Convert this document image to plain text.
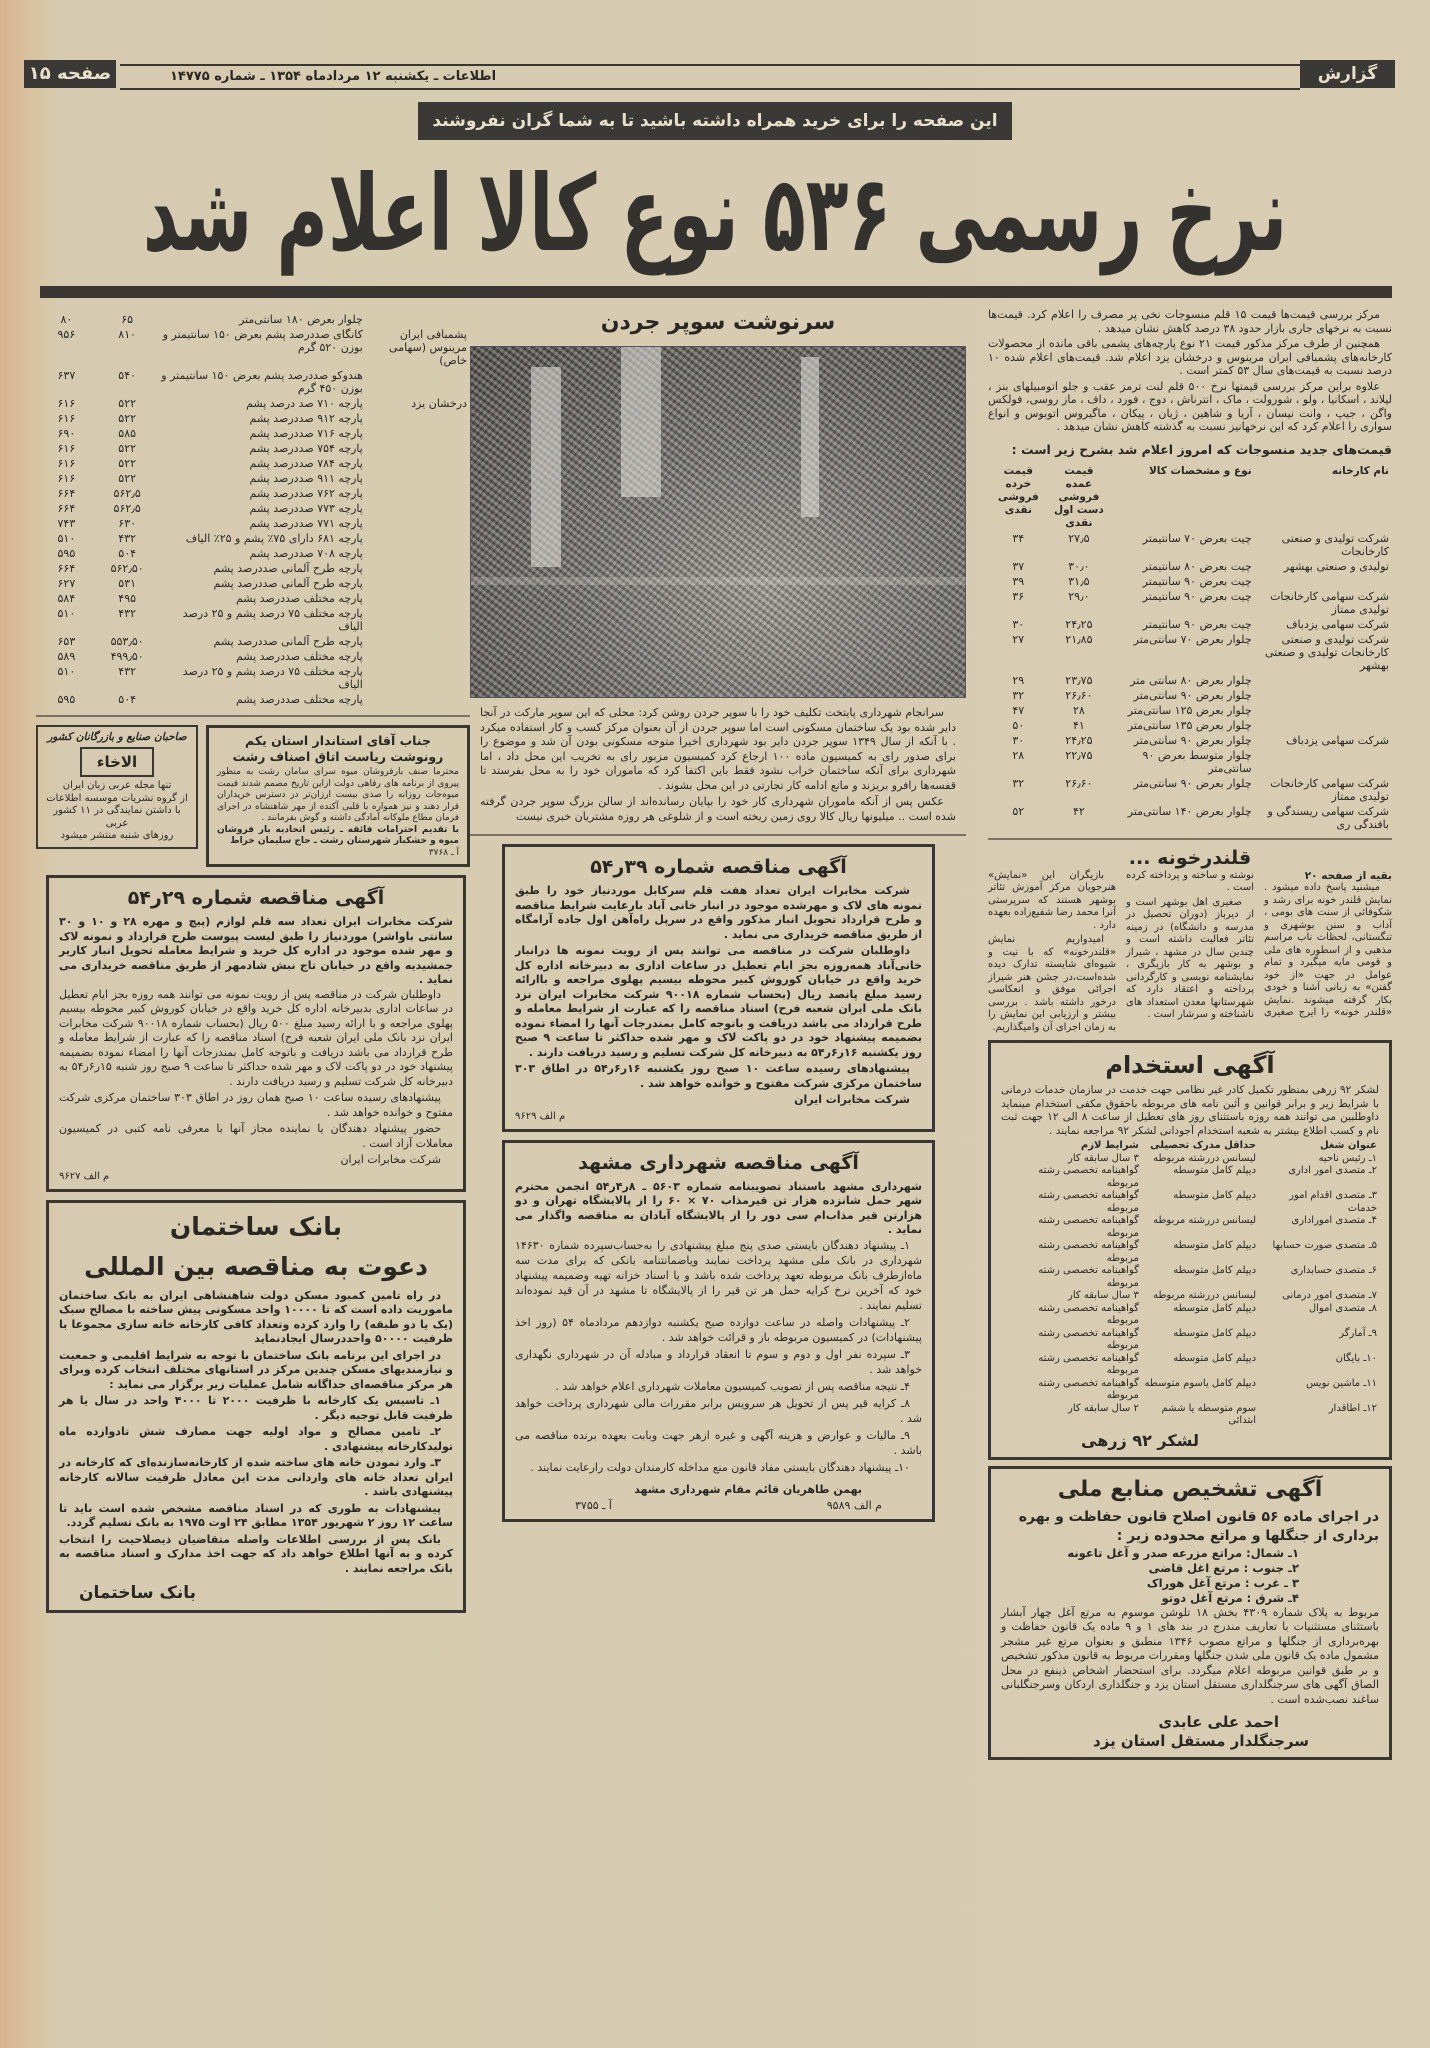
گزارش
اطلاعات ـ یکشنبه ۱۲ مردادماه ۱۳۵۴ ـ شماره ۱۴۷۷۵
صفحه ۱۵
این صفحه را برای خرید همراه داشته باشید تا به شما گران نفروشند
نرخ رسمی ۵۳۶ نوع کالا اعلام شد

مرکز بررسی قیمت‌ها قیمت ۱۵ قلم منسوجات نخی پر مصرف را اعلام کرد. قیمت‌ها نسبت به نرخهای جاری بازار حدود ۳۸ درصد کاهش نشان میدهد .

همچنین از طرف مرکز مذکور قیمت ۲۱ نوع پارچه‌های پشمی باقی مانده از محصولات کارخانه‌های پشمبافی ایران مرینوس و درخشان یزد اعلام شد. قیمت‌های اعلام شده ۱۰ درصد نسبت به قیمت‌های سال ۵۳ کمتر است .

علاوه براین مرکز بررسی قیمتها نرخ ۵۰۰ قلم لنت ترمز عقب و جلو اتومبیلهای بنز ، لیلاند ، اسکانیا ، ولو ، شورولت ، ماک ، انترناش ، دوج ، فورد ، داف ، ماز روسی، فولکس واگن ، جیپ ، وانت نیسان ، آریا و شاهین ، ژیان ، پیکان ، ماگیروس اتوبوس و انواع سواری را اعلام کرد که این نرخهانیز نسبت به گذشته کاهش نشان میدهد .

قیمت‌های جدید منسوجات که امروز اعلام شد بشرح زیر است :
نام کارخانه	نوع و مشخصات کالا	قیمت عمده فروشی دست اول نقدی	قیمت خرده فروشی نقدی
شرکت تولیدی و صنعتی کارخانجات	چیت بعرض ۷۰ سانتیمتر	۲۷٫۵	۳۴
تولیدی و صنعتی بهشهر	چیت بعرض ۸۰ سانتیمتر	۳۰٫۰	۳۷
	چیت بعرض ۹۰ سانتیمتر	۳۱٫۵	۳۹
شرکت سهامی کارخانجات تولیدی ممتاز	چیت بعرض ۹۰ سانتیمتر	۲۹٫۰	۳۶
شرکت سهامی یزدباف	چیت بعرض ۹۰ سانتیمتر	۲۴٫۲۵	۳۰
شرکت تولیدی و صنعتی کارخانجات تولیدی و صنعتی بهشهر	چلوار بعرض ۷۰ سانتی‌متر	۲۱٫۸۵	۲۷
	چلوار بعرض ۸۰ سانتی متر	۲۳٫۷۵	۲۹
	چلوار بعرض ۹۰ سانتی‌متر	۲۶٫۶۰	۳۲
	چلوار بعرض ۱۲۵ سانتی‌متر	۲۸	۴۷
	چلوار بعرض ۱۳۵ سانتی‌متر	۴۱	۵۰
شرکت سهامی یزدباف	چلوار بعرض ۹۰ سانتی‌متر	۲۴٫۲۵	۳۰
	چلوار متوسط بعرض ۹۰ سانتی‌متر	۲۲٫۷۵	۲۸
شرکت سهامی کارخانجات تولیدی ممتاز	چلوار بعرض ۹۰ سانتی‌متر	۲۶٫۶۰	۳۲
شرکت سهامی ریسندگی و بافندگی ری	چلوار بعرض ۱۴۰ سانتی‌متر	۴۲	۵۲
قلندرخونه ...
بقیه از صفحه ۲۰

میشنید پاسخ داده میشود . نمایش قلندر خونه برای رشد و شکوفائی از سنت های بومی ، آداب و سنن بوشهری و تنگستانی، لحظات ناب مراسم مذهبی و از اسطوره های ملی و قومی مایه میگیرد و تمام عوامل در جهت «از خود گفتن» به زبانی آشنا و خودی بکار گرفته میشوند .نمایش «قلندر خونه» را ایرج صغیری نوشته و ساخته و پرداخته کرده است .

صغیری اهل بوشهر است و از دیرباز (دوران تحصیل در مدرسه و دانشگاه) در زمینه تئاتر فعالیت داشته است و چندین سال در مشهد ، شیراز و بوشهر به کار بازیگری ، نمایشنامه نویسی و کارگردانی پرداخته و اعتقاد دارد که شهرستانها معدن استعداد های ناشناخته و سرشار است .

بازیگران این «نمایش» هنرجویان مرکز آموزش تئاتر بوشهر هستند که سرپرستی آنرا محمد رضا شفیع‌زاده بعهده دارد .

امیدواریم نمایش «قلندرخونه» که با نیت و شیوه‌ای شایسته تدارک دیده شده‌است،در جشن هنر شیراز اجرائی موفق و انعکاسی درخور داشته باشد . بررسی بیشتر و ارزیابی این نمایش را به زمان اجرای آن وامیگذاریم.

آگهی استخدام
لشکر ۹۲ زرهی بمنظور تکمیل کادر غیر نظامی جهت خدمت در سازمان خدمات درمانی با شرایط زیر و برابر قوانین و آئین نامه های مربوطه باحقوق مکفی استخدام مینماید داوطلبین می توانند همه روزه باستثنای روز های تعطیل از ساعت ۸ الی ۱۲ جهت ثبت نام و کسب اطلاع بیشتر به شعبه استخدام آجودانی لشکر ۹۲ مراجعه نمایند .
عنوان شغل	حداقل مدرک تحصیلی	شرایط لازم
۱ـ رئیس ناحیه	لیسانس دررشته مربوطه	۳ سال سابقه کار
۲ـ متصدی امور اداری	دیپلم کامل متوسطه	گواهینامه تخصصی رشته مربوطه
۳ـ متصدی اقدام امور خدمات	دیپلم کامل متوسطه	گواهینامه تخصصی رشته مربوطه
۴ـ متصدی اموراداری	لیسانس دررشته مربوطه	گواهینامه تخصصی رشته مربوطه
۵ـ متصدی صورت حسابها	دیپلم کامل متوسطه	گواهینامه تخصصی رشته مربوطه
۶ـ متصدی حسابداری	دیپلم کامل متوسطه	گواهینامه تخصصی رشته مربوطه
۷ـ متصدی امور درمانی	لیسانس دررشته مربوطه	۳ سال سابقه کار
۸ـ متصدی اموال	دیپلم کامل متوسطه	گواهینامه تخصصی رشته مربوطه
۹ـ آمارگر	دیپلم کامل متوسطه	گواهینامه تخصصی رشته مربوطه
۱۰ـ بایگان	دیپلم کامل متوسطه	گواهینامه تخصصی رشته مربوطه
۱۱ـ ماشین نویس	دیپلم کامل یاسوم متوسطه	گواهینامه تخصصی رشته مربوطه
۱۲ـ اطاقدار	سوم متوسطه یا ششم ابتدائی	۲ سال سابقه کار
لشکر ۹۲ زرهی
آگهی تشخیص منابع ملی
در اجرای ماده ۵۶ قانون اصلاح قانون حفاظت و بهره برداری از جنگلها و مراتع محدوده زیر :

۱ـ شمال: مراتع مزرعه صدر و آغل تاعونه

۲ـ جنوب : مرتع اغل قاضی

۳ ـ غرب : مرتع آغل هوراک

۴ـ شرق : مرتع آغل دوتو

مربوط به پلاک شماره ۴۳۰۹ بخش ۱۸ تلوشن موسوم به مرتع آغل چهار آبشار باستثنای مستثنیات با تعاریف مندرج در بند های ۱ و ۹ ماده یک قانون حفاظت و بهره‌برداری از جنگلها و مراتع مصوب ۱۳۴۶ منطبق و بعنوان مرتع غیر مشجر مشمول ماده یک قانون ملی شدن جنگلها ومقررات مربوط به قانون مذکور تشخیص و بر طبق قوانین مربوطه اعلام میگردد. برای استحضار اشخاص ذینفع در محل الصاق آگهی های سرجنگلداری مستقل استان یزد و جنگلداری اردکان وسرجنگلبانی ساغند نصب‌شده است .
احمد علی عابدی
سرجنگلدار مستقل استان یزد
سرنوشت سوپر جردن

سرانجام شهرداری پایتخت تکلیف خود را با سوپر جردن روشن کرد: محلی که این سوپر مارکت در آنجا دایر شده بود یک ساختمان مسکونی است اما سوپر جردن از آن بعنوان مرکز کسب و کار استفاده میکرد . با آنکه از سال ۱۳۴۹ سوپر جردن دایر بود شهرداری اخیرا متوجه مسکونی بودن آن شد و موضوع را برای صدور رای به کمیسیون ماده ۱۰۰ ارجاع کرد کمیسیون مزبور رای به تخریب این محل داد ، اما شهرداری برای آنکه ساختمان خراب نشود فقط باین اکتفا کرد که ماموران خود را به محل بفرستد تا قفسه‌ها رافرو بریزند و مانع ادامه کار تجارتی در این محل بشوند .

عکس پس از آنکه ماموران شهرداری کار خود را بپایان رسانده‌اند از سالن بزرگ سوپر جردن گرفته شده است .. میلیونها ریال کالا روی زمین ریخته است و از شلوغی هر روزه مشتریان خبری نیست

آگهی مناقصه شماره ۳۹ر۵۴

شرکت مخابرات ایران تعداد هفت قلم سرکابل موردنیاز خود را طبق نمونه های لاک و مهرشده موجود در انبار خانی آباد بارعایت شرایط مناقصه و طرح قرارداد تحویل انبار مذکور واقع در سرپل راه‌آهن اول جاده آرامگاه از طریق مناقصه خریداری می نماید .

داوطلبان شرکت در مناقصه می توانند پس از رویت نمونه ها درانبار خانی‌آباد همه‌روزه بجز ایام تعطیل در ساعات اداری به دبیرخانه اداره کل خرید واقع در خیابان کوروش کبیر محوطه بیسیم پهلوی مراجعه و باارائه رسید مبلغ پانصد ریال (بحساب شماره ۹۰۰۱۸ شرکت مخابرات ایران نزد بانک ملی ایران شعبه فرح) اسناد مناقصه را که عبارت از شرایط معامله و طرح قرارداد می باشد دریافت و باتوجه کامل بمندرجات آنها را امضاء نموده بضمیمه پیشنهاد خود در دو پاکت لاک و مهر شده حداکثر تا ساعت ۹ صبح روز یکشنبه ۱۶ر۶ر۵۴ به دبیرخانه کل شرکت تسلیم و رسید دریافت دارند .

پیشنهادهای رسیده ساعت ۱۰ صبح روز یکشنبه ۱۶ر۶ر۵۴ در اطاق ۳۰۳ ساختمان مرکزی شرکت مفتوح و خوانده خواهد شد .

شرکت مخابرات ایران

م الف ۹۶۲۹
آگهی مناقصه شهرداری مشهد
شهرداری مشهد باستناد تصویبنامه شماره ۵۶۰۳ ـ ۸ر۴ر۵۴ انجمن محترم شهر حمل شانزده هزار تن قیرمذاب ۷۰ × ۶۰ را از پالایشگاه تهران و دو هزارتن قیر مذاب‌ام سی دور را از پالایشگاه آبادان به مناقصه واگذار می نماید .

۱ـ پیشنهاد دهندگان بایستی صدی پنج مبلغ پیشنهادی را به‌حساب‌سپرده شماره ۱۴۶۳۰ شهرداری در بانک ملی مشهد پرداخت نمایند ویاضمانتنامه بانکی که برای مدت سه ماه‌ازطرف بانک مربوطه تعهد پرداخت شده باشد و یا اسناد خزانه تهیه وضمیمه پیشنهاد خود که آخرین نرخ کرایه حمل هر تن قیر را از پالایشگاه تا مشهد در آن قید نموده‌اند تسلیم نمایند .

۲ـ پیشنهادات واصله در ساعت دوازده صبح یکشنبه دوازدهم مردادماه ۵۴ (روز اخذ پیشنهادات) در کمیسیون مربوطه باز و قرائت خواهد شد .

۳ـ سپرده نفر اول و دوم و سوم تا انعقاد قرارداد و مبادله آن در شهرداری نگهداری خواهد شد .

۴ـ نتیجه مناقصه پس از تصویب کمیسیون معاملات شهرداری اعلام خواهد شد .

۸ـ کرایه قیر پس از تحویل هر سرویس برابر مقررات مالی شهرداری پرداخت خواهد شد .

۹ـ مالیات و عوارض و هزینه آگهی و غیره ازهر جهت وبابت بعهده برنده مناقصه می باشد .

۱۰ـ پیشنهاد دهندگان بایستی مفاد قانون منع مداخله کارمندان دولت رارعایت نمایند .

بهمن طاهریان قائم مقام شهرداری مشهد
م الف ۹۵۸۹
آ ـ ۳۷۵۵
	چلوار بعرض ۱۸۰ سانتی‌متر	۶۵	۸۰
پشمبافی ایران مرینوس (سهامی خاص)	کانگای صددرصد پشم بعرض ۱۵۰ سانتیمتر و بوزن ۵۲۰ گرم	۸۱۰	۹۵۶
	هندوکو صددرصد پشم بعرض ۱۵۰ سانتیمتر و بوزن ۴۵۰ گرم	۵۴۰	۶۳۷
درخشان یزد	پارچه ۷۱۰ صد درصد پشم	۵۲۲	۶۱۶
	پارچه ۹۱۲ صددرصد پشم	۵۲۲	۶۱۶
	پارچه ۷۱۶ صددرصد پشم	۵۸۵	۶۹۰
	پارچه ۷۵۴ صددرصد پشم	۵۲۲	۶۱۶
	پارچه ۷۸۴ صددرصد پشم	۵۲۲	۶۱۶
	پارچه ۹۱۱ صددرصد پشم	۵۲۲	۶۱۶
	پارچه ۷۶۲ صددرصد پشم	۵۶۲٫۵	۶۶۴
	پارچه ۷۷۳ صددرصد پشم	۵۶۲٫۵	۶۶۴
	پارچه ۷۷۱ صددرصد پشم	۶۳۰	۷۴۳
	پارچه ۶۸۱ دارای ۷۵٪ پشم و ۲۵٪ الیاف	۴۳۲	۵۱۰
	پارچه ۷۰۸ صددرصد پشم	۵۰۴	۵۹۵
	پارچه طرح آلمانی صددرصد پشم	۵۶۲٫۵۰	۶۶۴
	پارچه طرح آلمانی صددرصد پشم	۵۳۱	۶۲۷
	پارچه مختلف صددرصد پشم	۴۹۵	۵۸۴
	پارچه مختلف ۷۵ درصد پشم و ۲۵ درصد الیاف	۴۳۲	۵۱۰
	پارچه طرح آلمانی صددرصد پشم	۵۵۳٫۵۰	۶۵۳
	پارچه مختلف صددرصد پشم	۴۹۹٫۵۰	۵۸۹
	پارچه مختلف ۷۵ درصد پشم و ۲۵ درصد الیاف	۴۳۲	۵۱۰
	پارچه مختلف صددرصد پشم	۵۰۴	۵۹۵
جناب آقای استاندار استان یکم
رونوشت ریاست اتاق اصناف رشت
محترما صنف بارفروشان میوه سرای سامان رشت به منظور پیروی از برنامه های رفاهی دولت ازاین تاریخ مصمم شدند قیمت میوه‌جات روزانه را صدی بیست ارزان‌تر در دسترس خریداران قرار دهند و نیز همواره با قلبی آکنده از مهر شاهنشاه در اجرای فرمان مطاع ملوکانه آمادگی داشته و گوش بفرمانند .
با تقدیم احترامات فائقه ـ رئیس اتحادیه بار فروشان میوه و خشکبار شهرستان رشت ـ حاج سلیمان خراط
آ ـ ۳۷۶۸
صاحبان صنایع و بازرگانان کشور
الاخاء

تنها مجله عربی زبان ایران

از گروه نشریات موسسه اطلاعات

با داشتن نمایندگی در ۱۱ کشور عربی

روزهای شنبه منتشر میشود

آگهی مناقصه شماره ۲۹ر۵۴
شرکت مخابرات ایران تعداد سه قلم لوازم (پیچ و مهره ۲۸ و ۱۰ و ۳۰ سانتی باواشر) موردنیاز را طبق لیست پیوست طرح قرارداد و نمونه لاک و مهر شده موجود در اداره کل خرید و شرایط معامله تحویل انبار کاریر جمشیدیه واقع در خیابان تاج نبش شادمهر از طریق مناقصه خریداری می نماید .

داوطلبان شرکت در مناقصه پس از رویت نمونه می توانند همه روزه بجز ایام تعطیل در ساعات اداری بدبیرخانه اداره کل خرید واقع در خیابان کوروش کبیر محوطه بیسیم پهلوی مراجعه و با ارائه رسید مبلغ ۵۰۰ ریال (بحساب شماره ۹۰۰۱۸ شرکت مخابرات ایران نزد بانک ملی ایران شعبه فرح) اسناد مناقصه را که عبارت از شرایط معامله و طرح قرارداد می باشد دریافت و باتوجه کامل بمندرجات آنها را امضاء نموده بضمیمه پیشنهاد خود در دو پاکت لاک و مهر شده حداکثر تا ساعت ۹ صبح روز شنبه ۱۵ر۶ر۵۴ به دبیرخانه کل شرکت تسلیم و رسید دریافت دارند .

پیشنهادهای رسیده ساعت ۱۰ صبح همان روز در اطاق ۳۰۳ ساختمان مرکزی شرکت مفتوح و خوانده خواهد شد .

حضور پیشنهاد دهندگان یا نماینده مجاز آنها با معرفی نامه کتبی در کمیسیون معاملات آزاد است .

شرکت مخابرات ایران

م الف ۹۶۲۷
بانک ساختمان
دعوت به مناقصه بین المللی

در راه تامین کمبود مسکن دولت شاهنشاهی ایران به بانک ساختمان ماموریت داده است که تا ۱۰۰۰۰ واحد مسکونی پیش ساخته با مصالح سبک (یک یا دو طبقه) را وارد کرده وتعداد کافی کارخانه خانه سازی مجموعا با ظرفیت ۵۰۰۰۰ واحددرسال ایجادنماید

در اجرای این برنامه بانک ساختمان با توجه به شرایط اقلیمی و جمعیت و نیازمندیهای مسکن چندین مرکز در استانهای مختلف انتخاب کرده وبرای هر مرکز مناقصه‌ای جداگانه شامل عملیات زیر برگزار می نماید :

۱ـ تاسیس یک کارخانه با ظرفیت ۲۰۰۰ تا ۴۰۰۰ واحد در سال یا هر ظرفیت قابل توجیه دیگر .

۲ـ تامین مصالح و مواد اولیه جهت مصارف شش تادوازده ماه تولیدکارخانه پیشنهادی .

۳ـ وارد نمودن خانه های ساخته شده از کارخانه‌سازنده‌ای که کارخانه در ایران تعداد خانه های واردانی مدت این معادل ظرفیت سالانه کارخانه پیشنهادی باشد .

پیشنهادات به طوری که در اسناد مناقصه مشخص شده است باید تا ساعت ۱۲ روز ۲ شهریور ۱۳۵۴ مطابق ۲۴ اوت ۱۹۷۵ به بانک تسلیم گردد.

بانک پس از بررسی اطلاعات واصله متقاضیان ذیصلاحیت را انتخاب کرده و به آنها اطلاع خواهد داد که جهت اخذ مدارک و اسناد مناقصه به بانک مراجعه نمایند .

بانک ساختمان
